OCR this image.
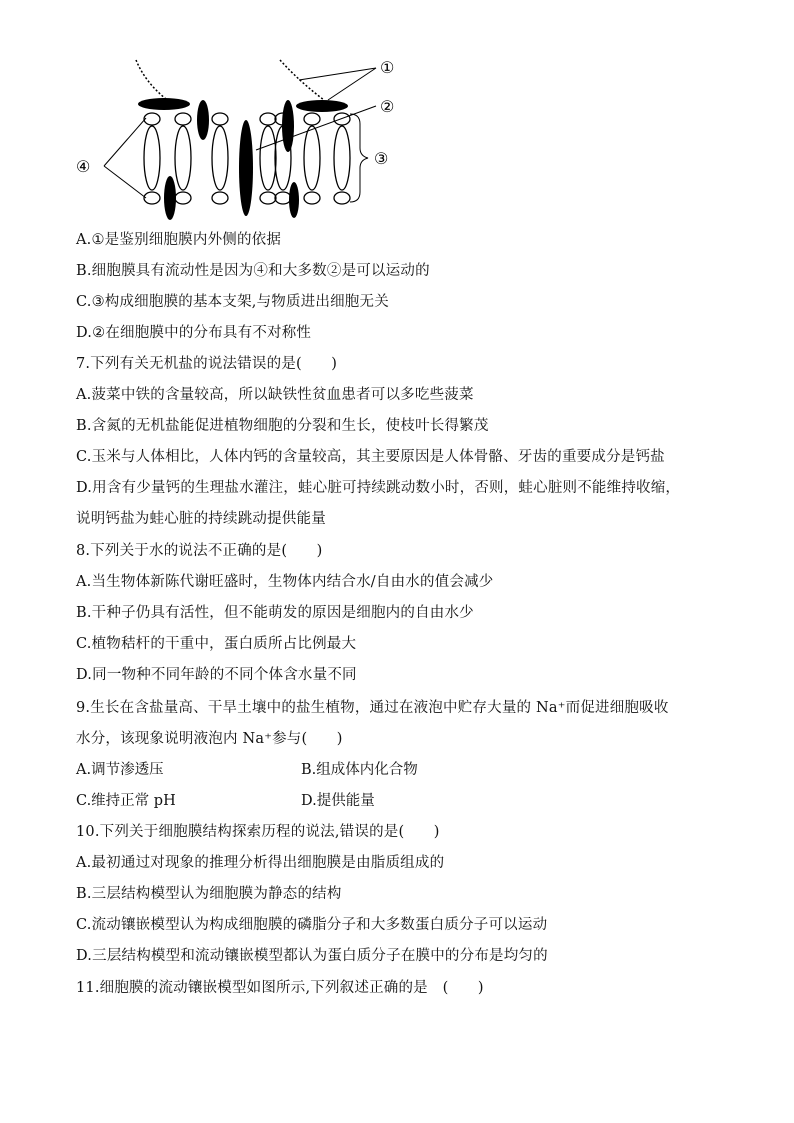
①
②
③
④
A.①是鉴别细胞膜内外侧的依据
B.细胞膜具有流动性是因为④和大多数②是可以运动的
C.③构成细胞膜的基本支架,与物质进出细胞无关
D.②在细胞膜中的分布具有不对称性
7.下列有关无机盐的说法错误的是(　　)
A.菠菜中铁的含量较高，所以缺铁性贫血患者可以多吃些菠菜
B.含氮的无机盐能促进植物细胞的分裂和生长，使枝叶长得繁茂
C.玉米与人体相比，人体内钙的含量较高，其主要原因是人体骨骼、牙齿的重要成分是钙盐
D.用含有少量钙的生理盐水灌注，蛙心脏可持续跳动数小时，否则，蛙心脏则不能维持收缩，
说明钙盐为蛙心脏的持续跳动提供能量
8.下列关于水的说法不正确的是(　　)
A.当生物体新陈代谢旺盛时，生物体内结合水/自由水的值会减少
B.干种子仍具有活性，但不能萌发的原因是细胞内的自由水少
C.植物秸杆的干重中，蛋白质所占比例最大
D.同一物种不同年龄的不同个体含水量不同
9.生长在含盐量高、干旱土壤中的盐生植物，通过在液泡中贮存大量的 Na⁺而促进细胞吸收
水分，该现象说明液泡内 Na⁺参与(　　)
A.调节渗透压	B.组成体内化合物
C.维持正常 pH	D.提供能量
10.下列关于细胞膜结构探索历程的说法,错误的是(　　)
A.最初通过对现象的推理分析得出细胞膜是由脂质组成的
B.三层结构模型认为细胞膜为静态的结构
C.流动镶嵌模型认为构成细胞膜的磷脂分子和大多数蛋白质分子可以运动
D.三层结构模型和流动镶嵌模型都认为蛋白质分子在膜中的分布是均匀的
11.细胞膜的流动镶嵌模型如图所示,下列叙述正确的是　(　　)
